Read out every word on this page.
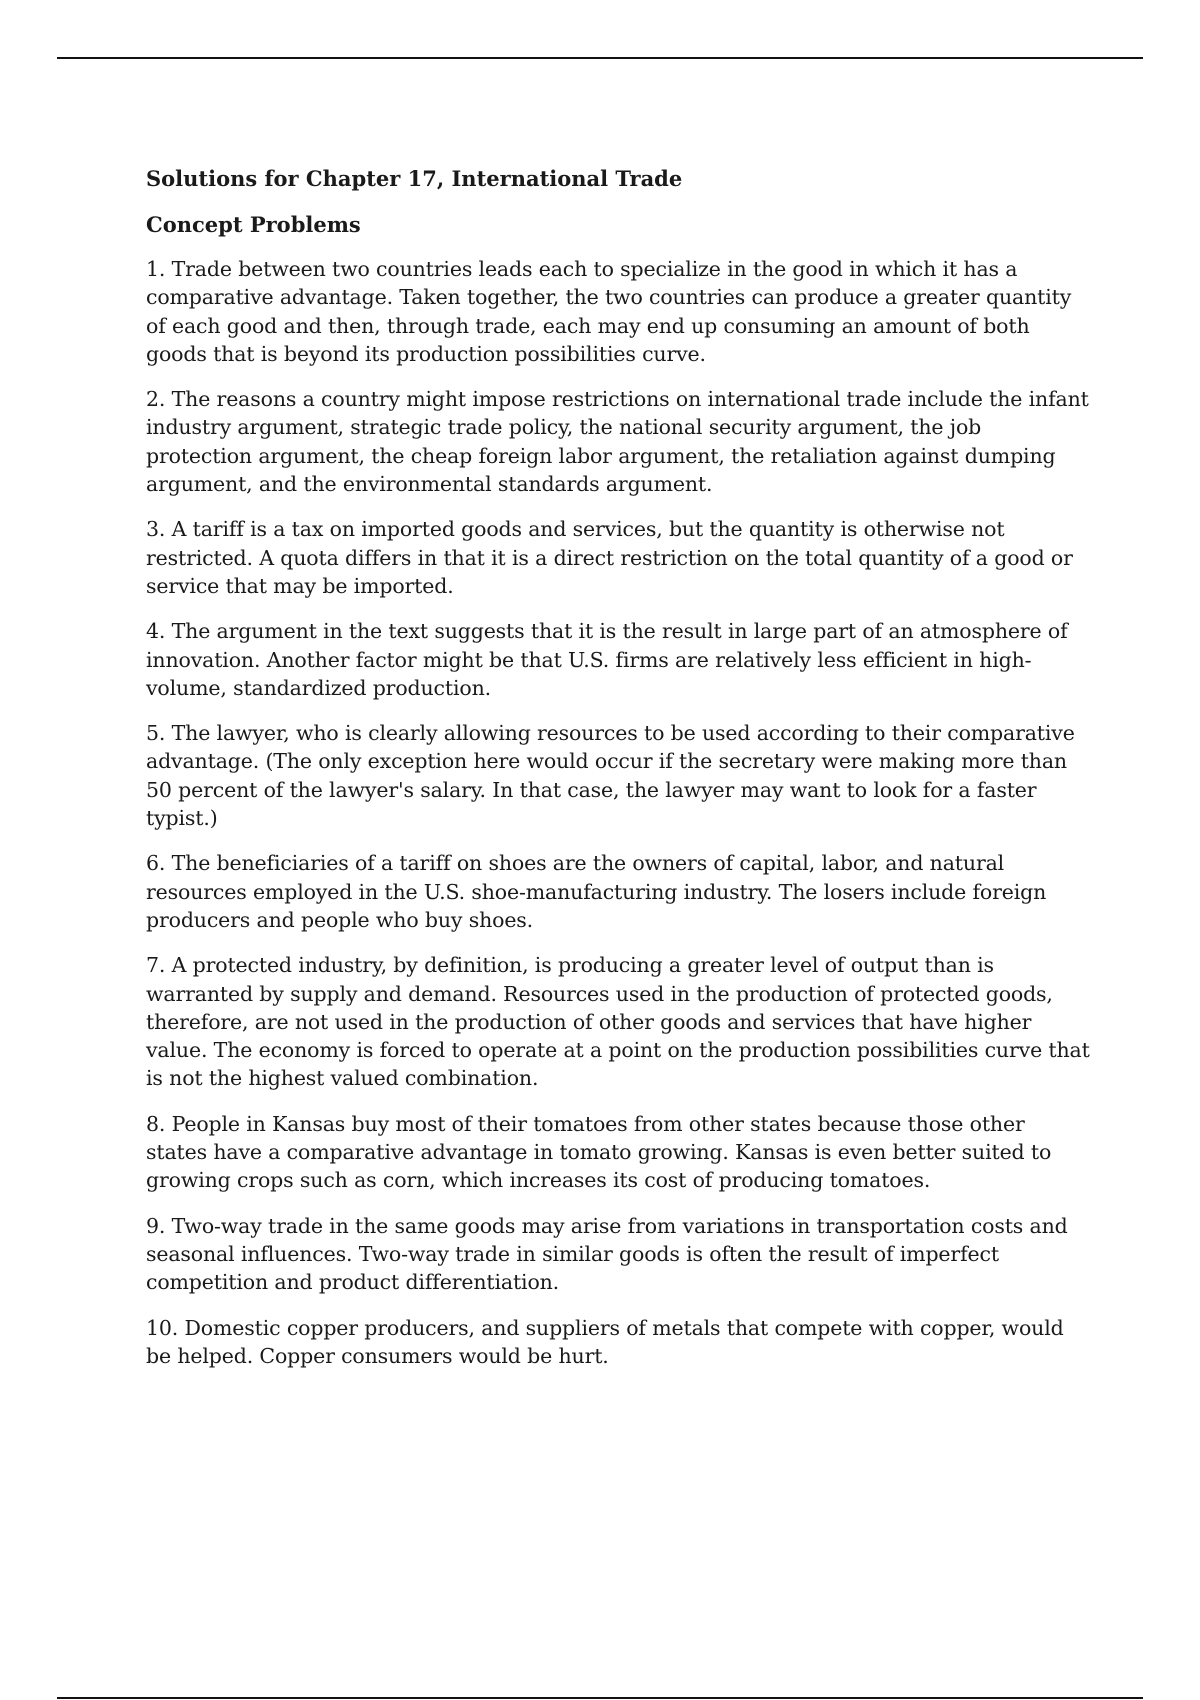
Solutions for Chapter 17, International Trade
Concept Problems

1. Trade between two countries leads each to specialize in the good in which it has a comparative advantage. Taken together, the two countries can produce a greater quantity of each good and then, through trade, each may end up consuming an amount of both goods that is beyond its production possibilities curve.

2. The reasons a country might impose restrictions on international trade include the infant industry argument, strategic trade policy, the national security argument, the job protection argument, the cheap foreign labor argument, the retaliation against dumping argument, and the environmental standards argument.

3. A tariff is a tax on imported goods and services, but the quantity is otherwise not restricted. A quota differs in that it is a direct restriction on the total quantity of a good or service that may be imported.

4. The argument in the text suggests that it is the result in large part of an atmosphere of innovation. Another factor might be that U.S. firms are relatively less efficient in high-volume, standardized production.

5. The lawyer, who is clearly allowing resources to be used according to their comparative advantage. (The only exception here would occur if the secretary were making more than 50 percent of the lawyer's salary. In that case, the lawyer may want to look for a faster typist.)

6. The beneficiaries of a tariff on shoes are the owners of capital, labor, and natural resources employed in the U.S. shoe-manufacturing industry. The losers include foreign producers and people who buy shoes.

7. A protected industry, by definition, is producing a greater level of output than is warranted by supply and demand. Resources used in the production of protected goods, therefore, are not used in the production of other goods and services that have higher value. The economy is forced to operate at a point on the production possibilities curve that is not the highest valued combination.

8. People in Kansas buy most of their tomatoes from other states because those other states have a comparative advantage in tomato growing. Kansas is even better suited to growing crops such as corn, which increases its cost of producing tomatoes.

9. Two-way trade in the same goods may arise from variations in transportation costs and seasonal influences. Two-way trade in similar goods is often the result of imperfect competition and product differentiation.

10. Domestic copper producers, and suppliers of metals that compete with copper, would be helped. Copper consumers would be hurt.
